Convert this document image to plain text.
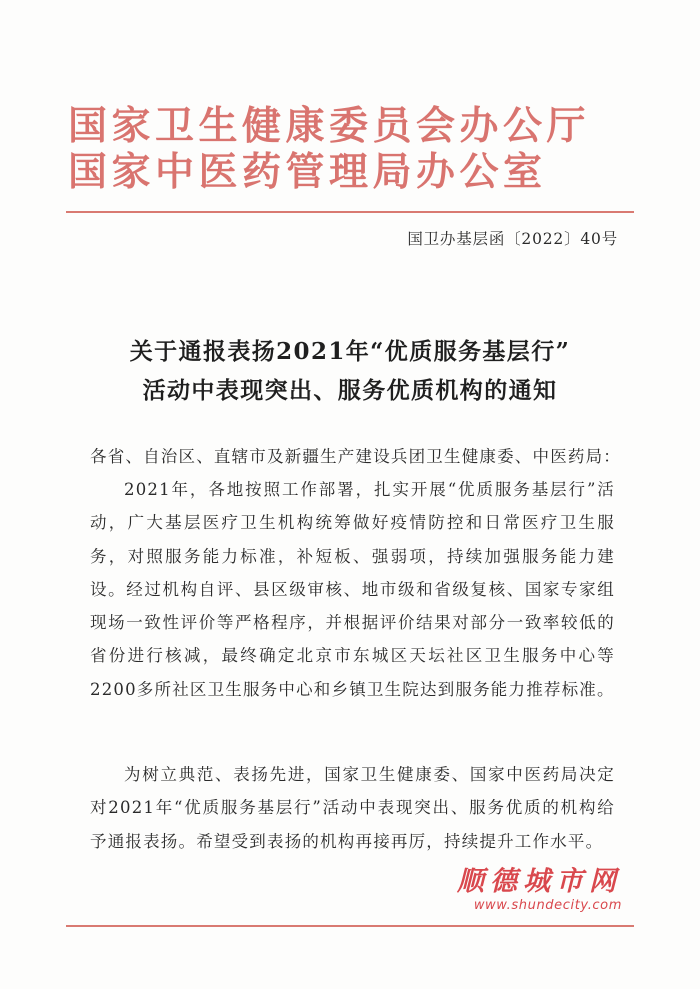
国家卫生健康委员会办公厅
国家中医药管理局办公室
国卫办基层函〔2022〕40号
关于通报表扬2021年“优质服务基层行”
活动中表现突出、服务优质机构的通知
各省、自治区、直辖市及新疆生产建设兵团卫生健康委、中医药局：
2021年，各地按照工作部署，扎实开展“优质服务基层行”活动，广大基层医疗卫生机构统筹做好疫情防控和日常医疗卫生服务，对照服务能力标准，补短板、强弱项，持续加强服务能力建设。经过机构自评、县区级审核、地市级和省级复核、国家专家组现场一致性评价等严格程序，并根据评价结果对部分一致率较低的省份进行核减，最终确定北京市东城区天坛社区卫生服务中心等2200多所社区卫生服务中心和乡镇卫生院达到服务能力推荐标准。
为树立典范、表扬先进，国家卫生健康委、国家中医药局决定对2021年“优质服务基层行”活动中表现突出、服务优质的机构给予通报表扬。希望受到表扬的机构再接再厉，持续提升工作水平。
顺德城市网
www.shundecity.com
